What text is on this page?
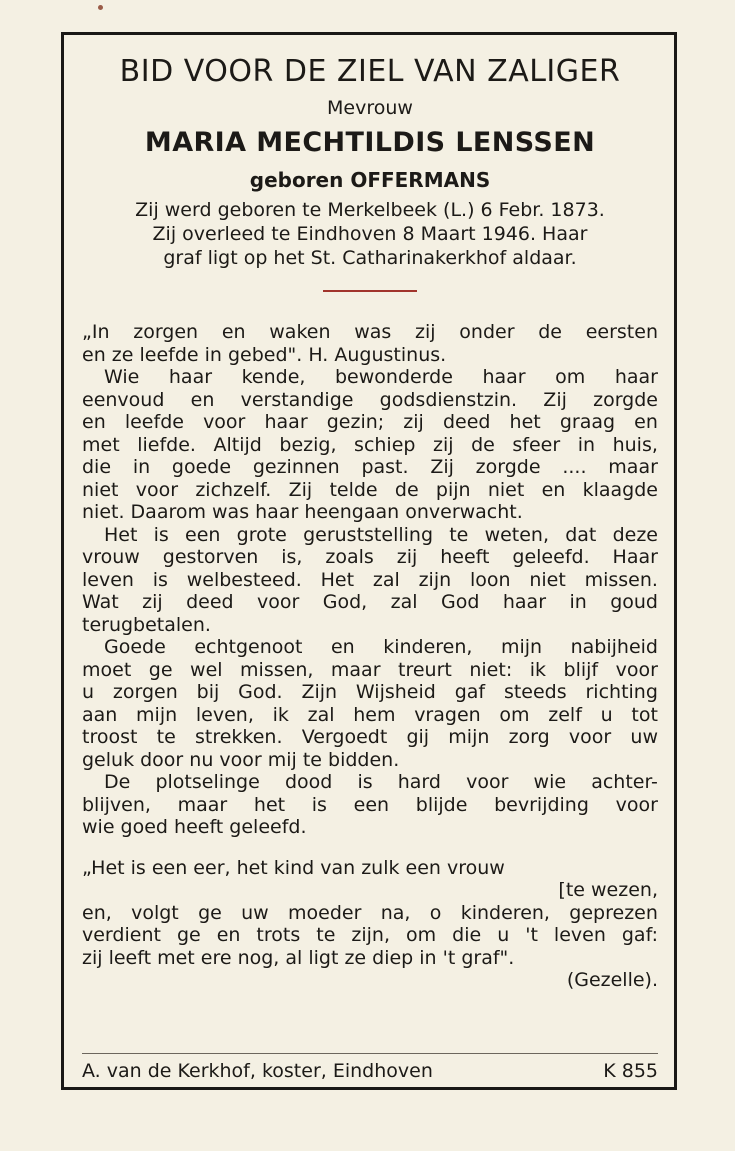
BID VOOR DE ZIEL VAN ZALIGER
Mevrouw
MARIA MECHTILDIS LENSSEN
geboren OFFERMANS
Zij werd geboren te Merkelbeek (L.) 6 Febr. 1873.
Zij overleed te Eindhoven 8 Maart 1946. Haar
graf ligt op het St. Catharinakerkhof aldaar.
„In zorgen en waken was zij onder de eersten
en ze leefde in gebed". H. Augustinus.
Wie haar kende, bewonderde haar om haar
eenvoud en verstandige godsdienstzin. Zij zorgde
en leefde voor haar gezin; zij deed het graag en
met liefde. Altijd bezig, schiep zij de sfeer in huis,
die in goede gezinnen past. Zij zorgde .... maar
niet voor zichzelf. Zij telde de pijn niet en klaagde
niet. Daarom was haar heengaan onverwacht.
Het is een grote geruststelling te weten, dat deze
vrouw gestorven is, zoals zij heeft geleefd. Haar
leven is welbesteed. Het zal zijn loon niet missen.
Wat zij deed voor God, zal God haar in goud
terugbetalen.
Goede echtgenoot en kinderen, mijn nabijheid
moet ge wel missen, maar treurt niet: ik blijf voor
u zorgen bij God. Zijn Wijsheid gaf steeds richting
aan mijn leven, ik zal hem vragen om zelf u tot
troost te strekken. Vergoedt gij mijn zorg voor uw
geluk door nu voor mij te bidden.
De plotselinge dood is hard voor wie achter-
blijven, maar het is een blijde bevrijding voor
wie goed heeft geleefd.
„Het is een eer, het kind van zulk een vrouw
[te wezen,
en, volgt ge uw moeder na, o kinderen, geprezen
verdient ge en trots te zijn, om die u 't leven gaf:
zij leeft met ere nog, al ligt ze diep in 't graf".
(Gezelle).
A. van de Kerkhof, koster, Eindhoven	K 855
